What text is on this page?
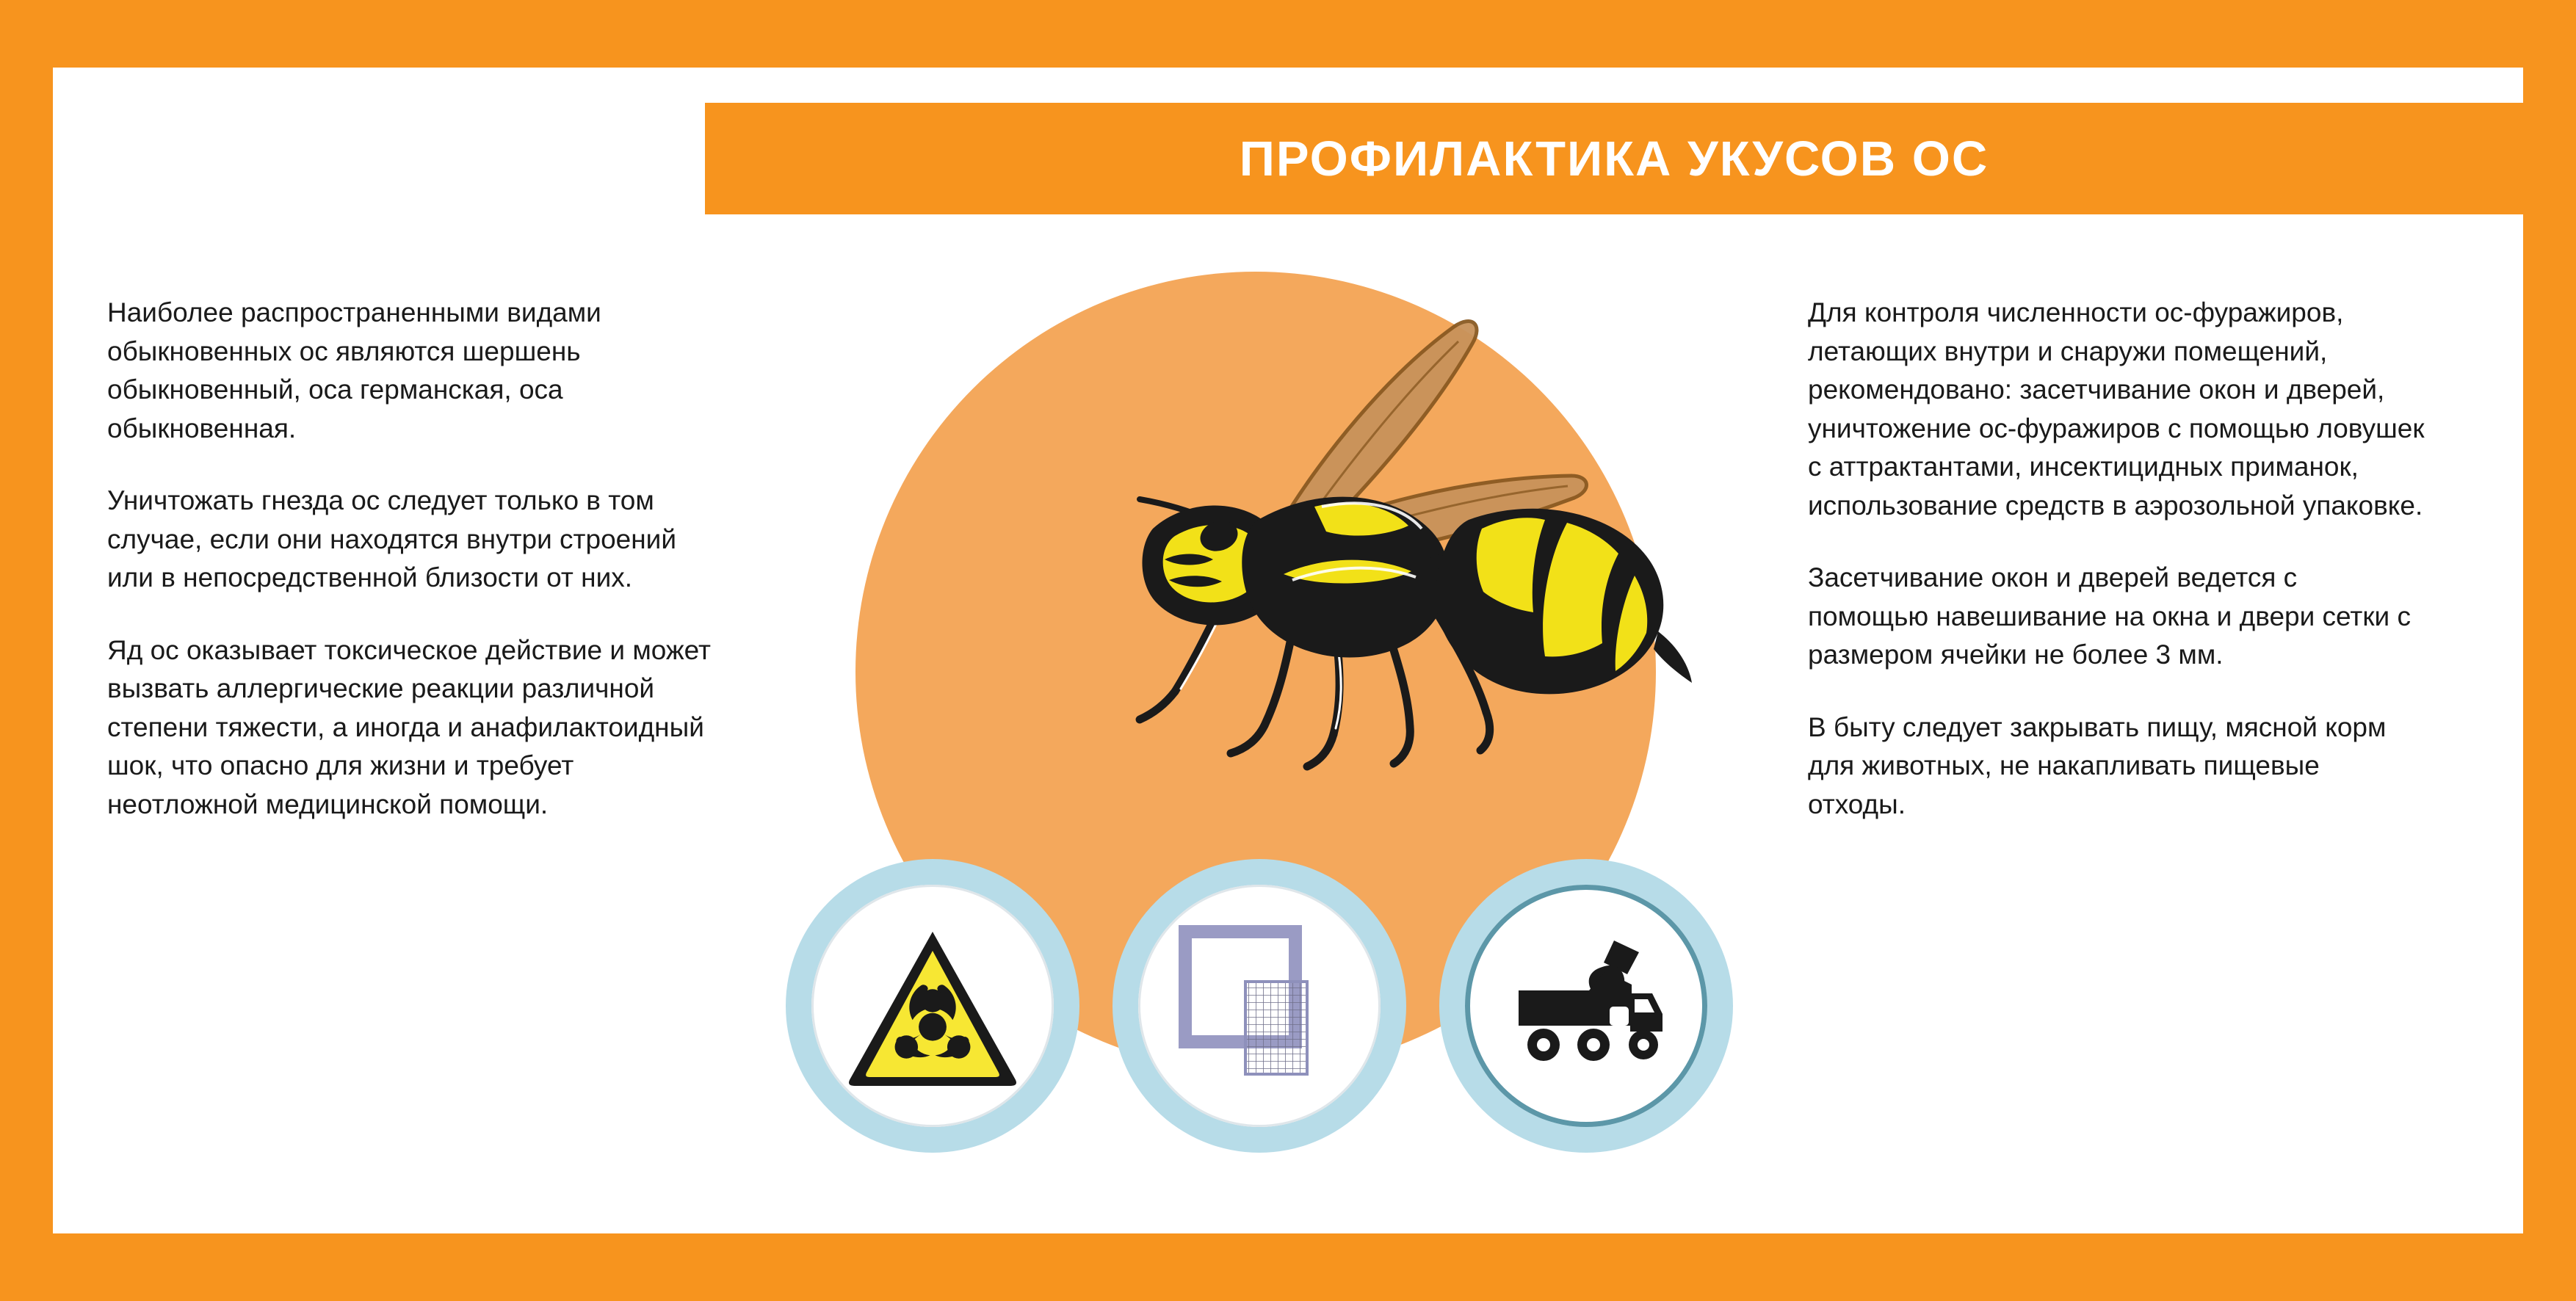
ПРОФИЛАКТИКА УКУСОВ ОС

Наиболее распространенными видами обыкновенных ос являются шершень обыкновенный, оса германская, оса обыкновенная.

Уничтожать гнезда ос следует только в том случае, если они находятся внутри строений или в непосредственной близости от них.

Яд ос оказывает токсическое действие и может вызвать аллергические реакции различной степени тяжести, а иногда и анафилактоидный шок, что опасно для жизни и требует неотложной медицинской помощи.

Для контроля численности ос-фуражиров, летающих внутри и снаружи помещений, рекомендовано: засетчивание окон и дверей, уничтожение ос-фуражиров с помощью ловушек с аттрактантами, инсектицидных приманок, использование средств в аэрозольной упаковке.

Засетчивание окон и дверей ведется с помощью навешивание на окна и двери сетки с размером ячейки не более 3 мм.

В быту следует закрывать пищу, мясной корм для животных, не накапливать пищевые отходы.
